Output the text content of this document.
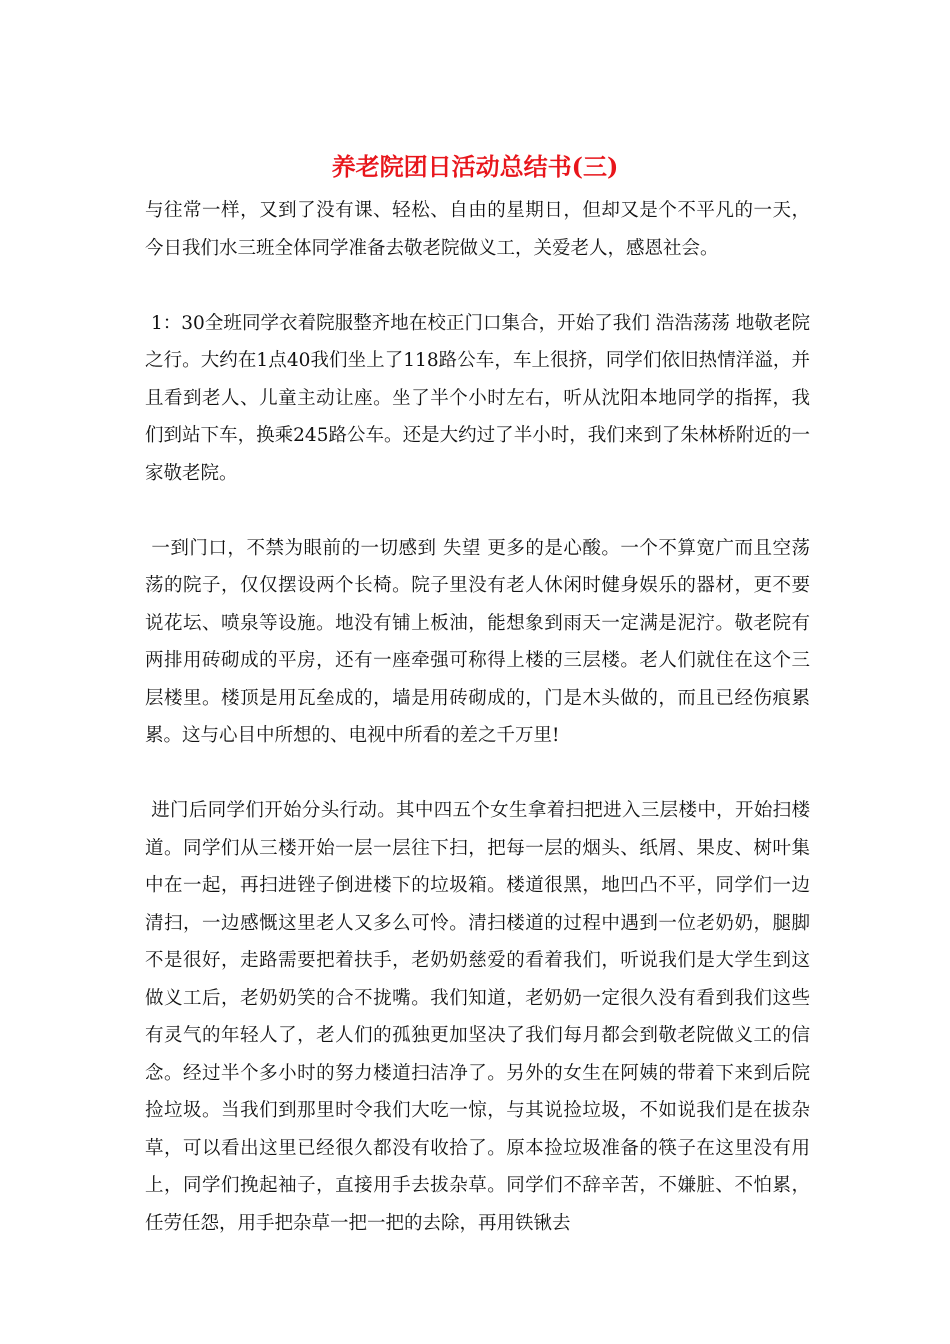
养老院团日活动总结书(三)

与往常一样，又到了没有课、轻松、自由的星期日，但却又是个不平凡的一天，今日我们水三班全体同学准备去敬老院做义工，关爱老人，感恩社会。

1：30全班同学衣着院服整齐地在校正门口集合，开始了我们 浩浩荡荡 地敬老院之行。大约在1点40我们坐上了118路公车，车上很挤，同学们依旧热情洋溢，并且看到老人、儿童主动让座。坐了半个小时左右，听从沈阳本地同学的指挥，我们到站下车，换乘245路公车。还是大约过了半小时，我们来到了朱林桥附近的一家敬老院。

一到门口，不禁为眼前的一切感到 失望 更多的是心酸。一个不算宽广而且空荡荡的院子，仅仅摆设两个长椅。院子里没有老人休闲时健身娱乐的器材，更不要说花坛、喷泉等设施。地没有铺上板油，能想象到雨天一定满是泥泞。敬老院有两排用砖砌成的平房，还有一座牵强可称得上楼的三层楼。老人们就住在这个三层楼里。楼顶是用瓦垒成的，墙是用砖砌成的，门是木头做的，而且已经伤痕累累。这与心目中所想的、电视中所看的差之千万里!

进门后同学们开始分头行动。其中四五个女生拿着扫把进入三层楼中，开始扫楼道。同学们从三楼开始一层一层往下扫，把每一层的烟头、纸屑、果皮、树叶集中在一起，再扫进锉子倒进楼下的垃圾箱。楼道很黑，地凹凸不平，同学们一边清扫，一边感慨这里老人又多么可怜。清扫楼道的过程中遇到一位老奶奶，腿脚不是很好，走路需要把着扶手，老奶奶慈爱的看着我们，听说我们是大学生到这做义工后，老奶奶笑的合不拢嘴。我们知道，老奶奶一定很久没有看到我们这些有灵气的年轻人了，老人们的孤独更加坚决了我们每月都会到敬老院做义工的信念。经过半个多小时的努力楼道扫洁净了。另外的女生在阿姨的带着下来到后院捡垃圾。当我们到那里时令我们大吃一惊，与其说捡垃圾，不如说我们是在拔杂草，可以看出这里已经很久都没有收拾了。原本捡垃圾准备的筷子在这里没有用上，同学们挽起袖子，直接用手去拔杂草。同学们不辞辛苦，不嫌脏、不怕累，任劳任怨，用手把杂草一把一把的去除，再用铁锹去
